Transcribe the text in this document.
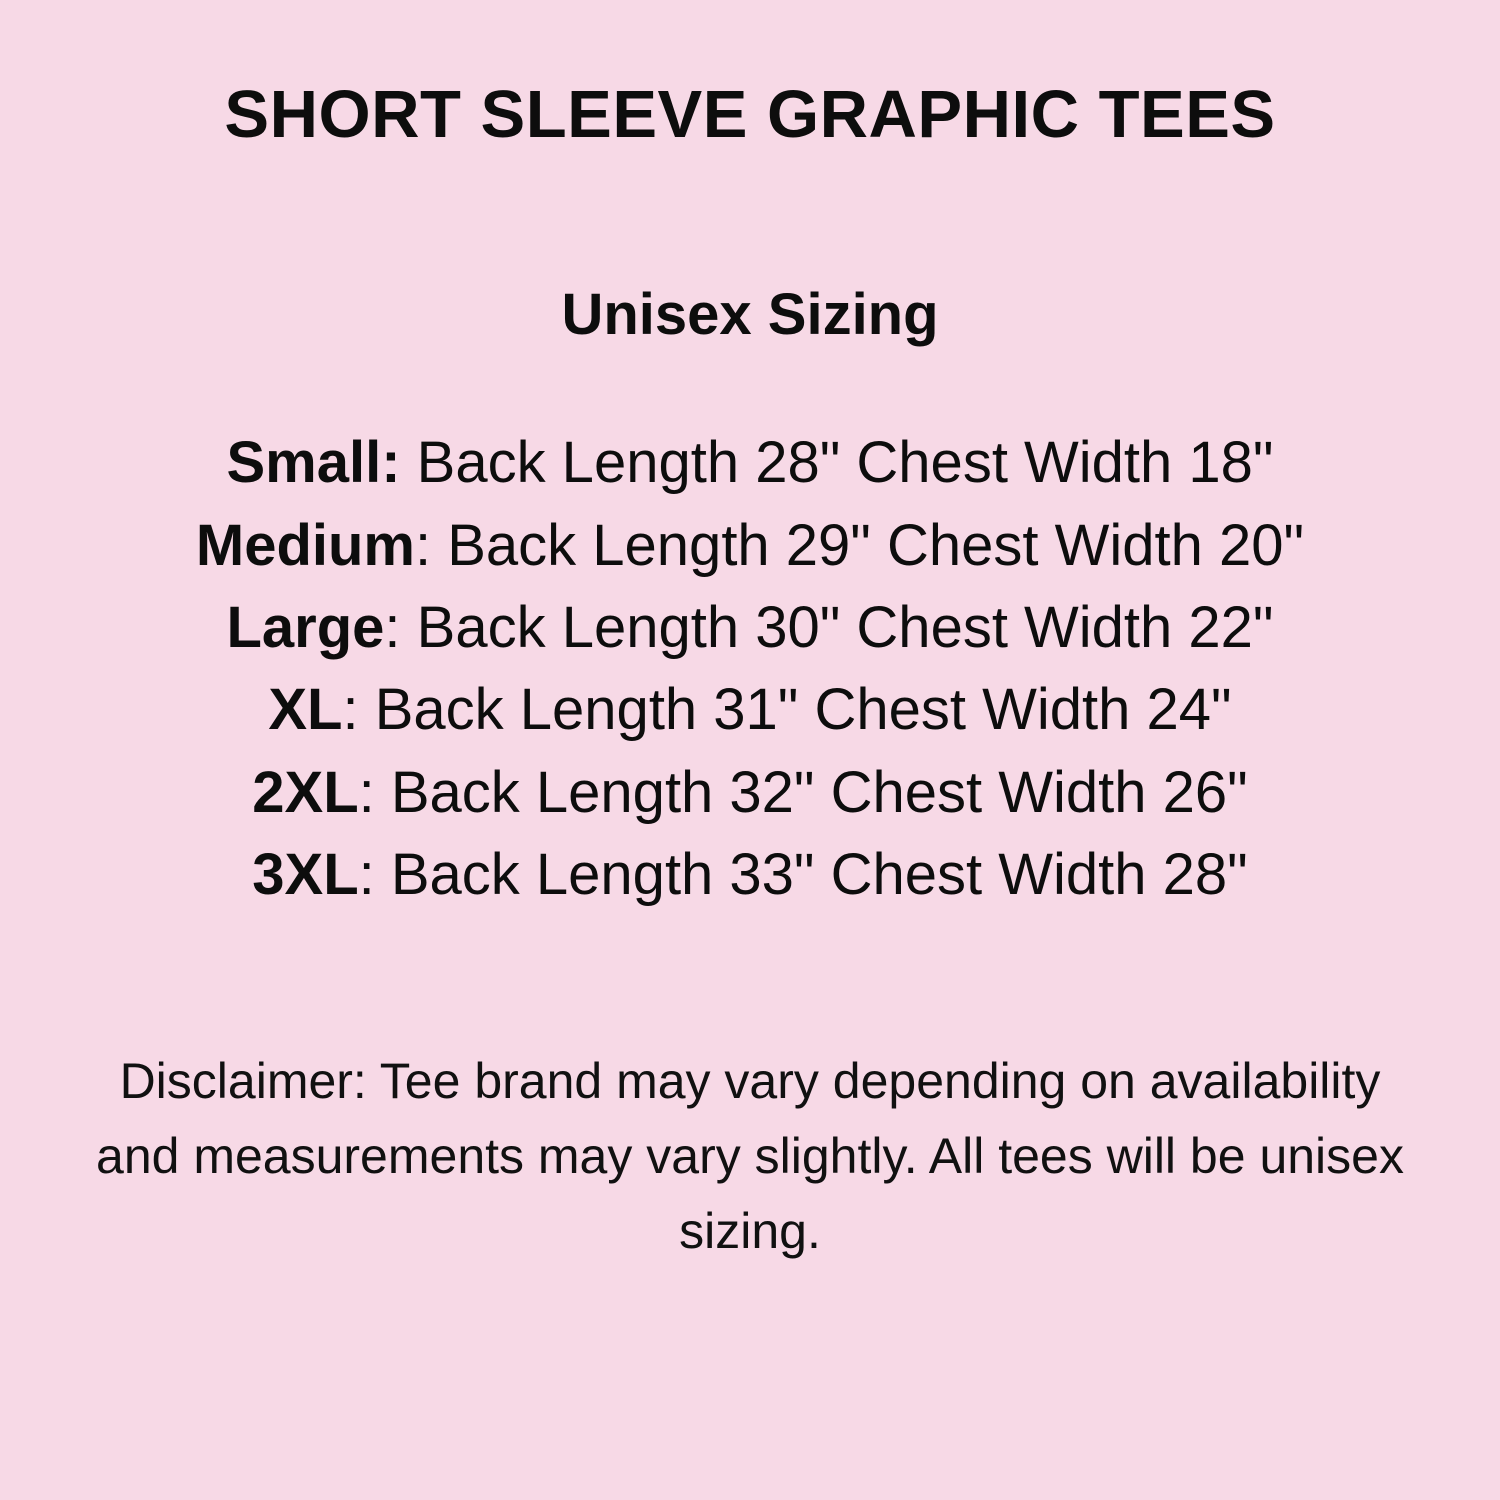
SHORT SLEEVE GRAPHIC TEES
Unisex Sizing
Small: Back Length 28" Chest Width 18"
Medium: Back Length 29" Chest Width 20"
Large: Back Length 30" Chest Width 22"
XL: Back Length 31" Chest Width 24"
2XL: Back Length 32" Chest Width 26"
3XL: Back Length 33" Chest Width 28"

Disclaimer: Tee brand may vary depending on availability and measurements may vary slightly. All tees will be unisex sizing.
